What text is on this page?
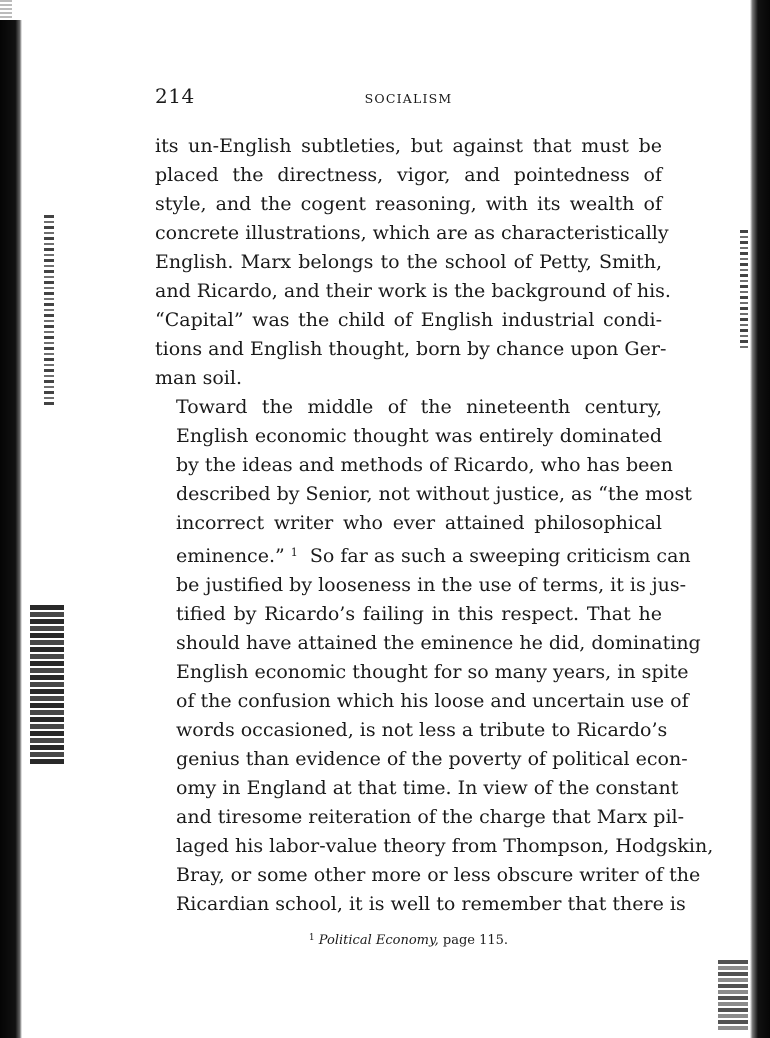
214	SOCIALISM

its un-English subtleties, but against that must be
placed the directness, vigor, and pointedness of
style, and the cogent reasoning, with its wealth of
concrete illustrations, which are as characteristically
English. Marx belongs to the school of Petty, Smith,
and Ricardo, and their work is the background of his.
“Capital” was the child of English industrial condi-
tions and English thought, born by chance upon Ger-
man soil.

Toward the middle of the nineteenth century,
English economic thought was entirely dominated
by the ideas and methods of Ricardo, who has been
described by Senior, not without justice, as “the most
incorrect writer who ever attained philosophical
eminence.” $^1$ So far as such a sweeping criticism can
be justified by looseness in the use of terms, it is jus-
tified by Ricardo’s failing in this respect. That he
should have attained the eminence he did, dominating
English economic thought for so many years, in spite
of the confusion which his loose and uncertain use of
words occasioned, is not less a tribute to Ricardo’s
genius than evidence of the poverty of political econ-
omy in England at that time. In view of the constant
and tiresome reiteration of the charge that Marx pil-
laged his labor-value theory from Thompson, Hodgskin,
Bray, or some other more or less obscure writer of the
Ricardian school, it is well to remember that there is

$^1$ Political Economy, page 115.
